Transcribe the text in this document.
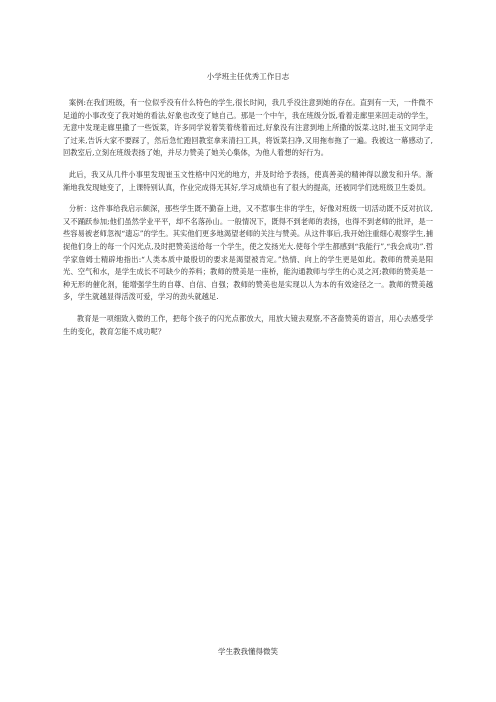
小学班主任优秀工作日志

案例:在我们班级，有一位似乎没有什么特色的学生,很长时间，我几乎没注意到她的存在。直到有一天，一件微不足道的小事改变了我对她的看法,好象也改变了她自己。那是一个中午，我在班级分饭,看着走廊里来回走动的学生，无意中发现走廊里撒了一些饭菜，许多同学说着笑着绕着而过,好象没有注意到地上所撒的饭菜.这时,崔玉文同学走了过来,告诉大家不要踩了，然后急忙跑回教室拿来清扫工具，将饭菜扫净,又用拖布拖了一遍。我被这一幕感动了,回教室后,立刻在班级表扬了她，并尽力赞美了她关心集体，为他人着想的好行为。

此后，我又从几件小事里发现崔玉文性格中闪光的地方，并及时给予表扬，使真善美的精神得以激发和升华。渐渐地我发现她变了，上课特别认真，作业完成得无其好,学习成绩也有了很大的提高，还被同学们选班级卫生委员。

分析：这件事给我启示颇深，那些学生既不勤奋上进，又不惹事生非的学生，好像对班级一切活动既不反对抗议,又不踊跃参加;他们虽然学业平平，却不名落孙山。一般情况下，既得不到老师的表扬，也得不到老师的批评，是一些容易被老师忽视“遗忘”的学生。其实他们更多地渴望老师的关注与赞美。从这件事后,我开始注重细心观察学生,捕捉他们身上的每一个闪光点,及时把赞美送给每一个学生，使之发扬光大.使每个学生都感到“我能行”,“我会成功”.哲学家詹姆士精辟地指出:“人类本质中最殷切的要求是渴望被肯定。”热情、向上的学生更是如此。教师的赞美是阳光、空气和水，是学生成长不可缺少的养料；教师的赞美是一座桥，能沟通教师与学生的心灵之河;教师的赞美是一种无形的催化剂，能增强学生的自尊、自信、自强；教师的赞美也是实现以人为本的有效途径之一。教师的赞美越多，学生就越显得活泼可爱，学习的劲头就越足.

教育是一项细致入微的工作，把每个孩子的闪光点都放大，用放大镜去观察,不吝啬赞美的语言，用心去感受学生的变化，教育怎能不成功呢？

学生教我懂得微笑
